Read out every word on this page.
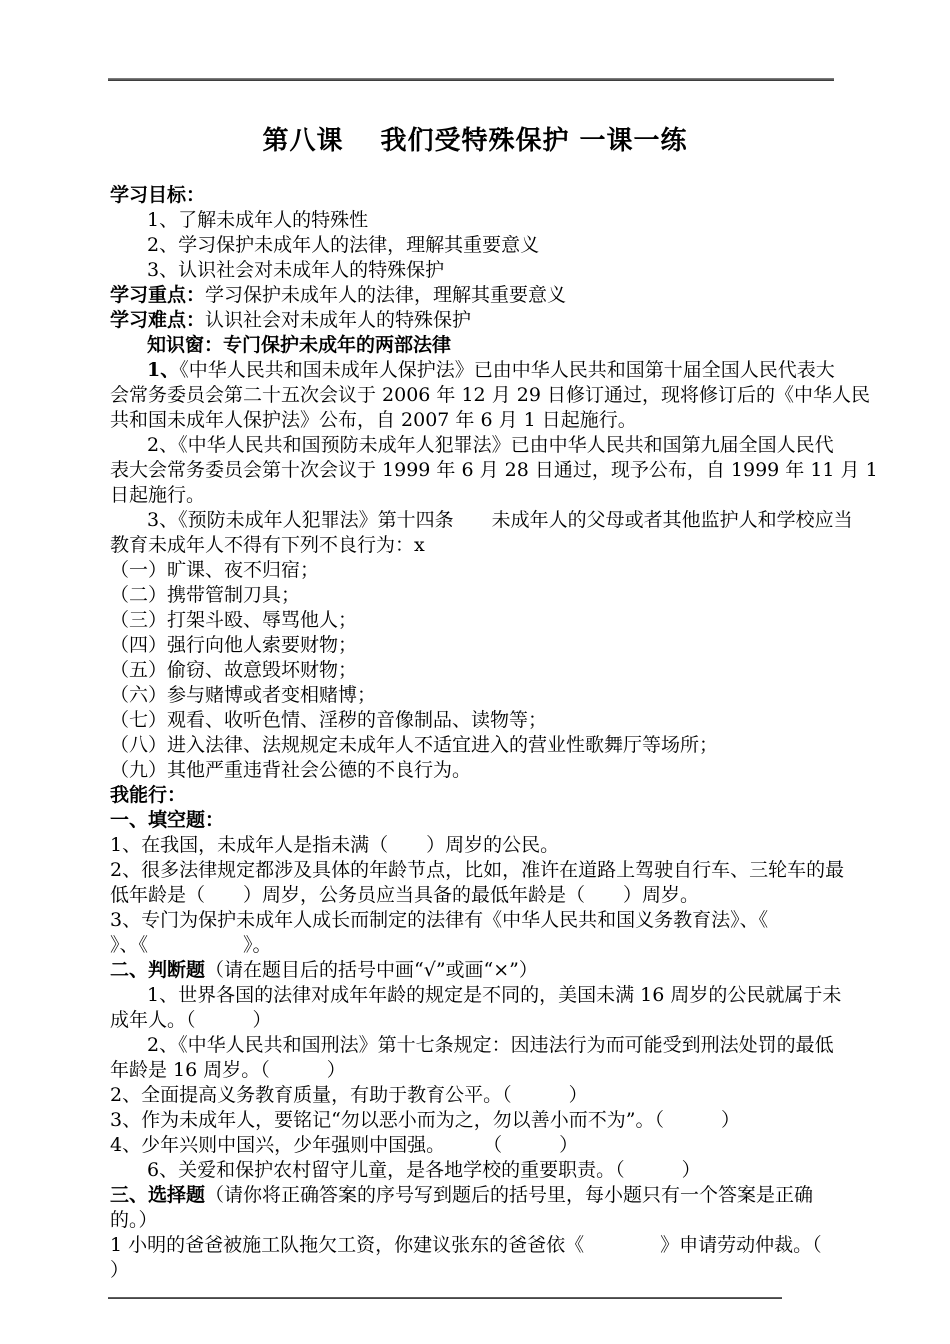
第八课　 我们受特殊保护 一课一练
学习目标：
1、了解未成年人的特殊性
2、学习保护未成年人的法律，理解其重要意义
3、认识社会对未成年人的特殊保护
学习重点：学习保护未成年人的法律，理解其重要意义
学习难点：认识社会对未成年人的特殊保护
知识窗：专门保护未成年的两部法律
1、《中华人民共和国未成年人保护法》已由中华人民共和国第十届全国人民代表大
会常务委员会第二十五次会议于 2006 年 12 月 29 日修订通过，现将修订后的《中华人民
共和国未成年人保护法》公布，自 2007 年 6 月 1 日起施行。
2、《中华人民共和国预防未成年人犯罪法》已由中华人民共和国第九届全国人民代
表大会常务委员会第十次会议于 1999 年 6 月 28 日通过，现予公布，自 1999 年 11 月 1
日起施行。
3、《预防未成年人犯罪法》第十四条　　未成年人的父母或者其他监护人和学校应当
教育未成年人不得有下列不良行为：x
（一）旷课、夜不归宿；
（二）携带管制刀具；
（三）打架斗殴、辱骂他人；
（四）强行向他人索要财物；
（五）偷窃、故意毁坏财物；
（六）参与赌博或者变相赌博；
（七）观看、收听色情、淫秽的音像制品、读物等；
（八）进入法律、法规规定未成年人不适宜进入的营业性歌舞厅等场所；
（九）其他严重违背社会公德的不良行为。
我能行：
一、填空题：
1、在我国，未成年人是指未满（　　）周岁的公民。
2、很多法律规定都涉及具体的年龄节点，比如，准许在道路上驾驶自行车、三轮车的最
低年龄是（　　）周岁，公务员应当具备的最低年龄是（　　）周岁。
3、专门为保护未成年人成长而制定的法律有《中华人民共和国义务教育法》、《
》、《　　　　　》。
二、判断题（请在题目后的括号中画“√”或画“×”）
1、世界各国的法律对成年年龄的规定是不同的，美国未满 16 周岁的公民就属于未
成年人。（　　　）
2、《中华人民共和国刑法》第十七条规定：因违法行为而可能受到刑法处罚的最低
年龄是 16 周岁。（　　　）
2、全面提高义务教育质量，有助于教育公平。（　　　）
3、作为未成年人，要铭记“勿以恶小而为之，勿以善小而不为”。（　　　）
4、少年兴则中国兴，少年强则中国强。　　　（　　　）
6、关爱和保护农村留守儿童，是各地学校的重要职责。（　　　）
三、选择题（请你将正确答案的序号写到题后的括号里，每小题只有一个答案是正确
的。）
1 小明的爸爸被施工队拖欠工资，你建议张东的爸爸依《　　　　》申请劳动仲裁。（
）
